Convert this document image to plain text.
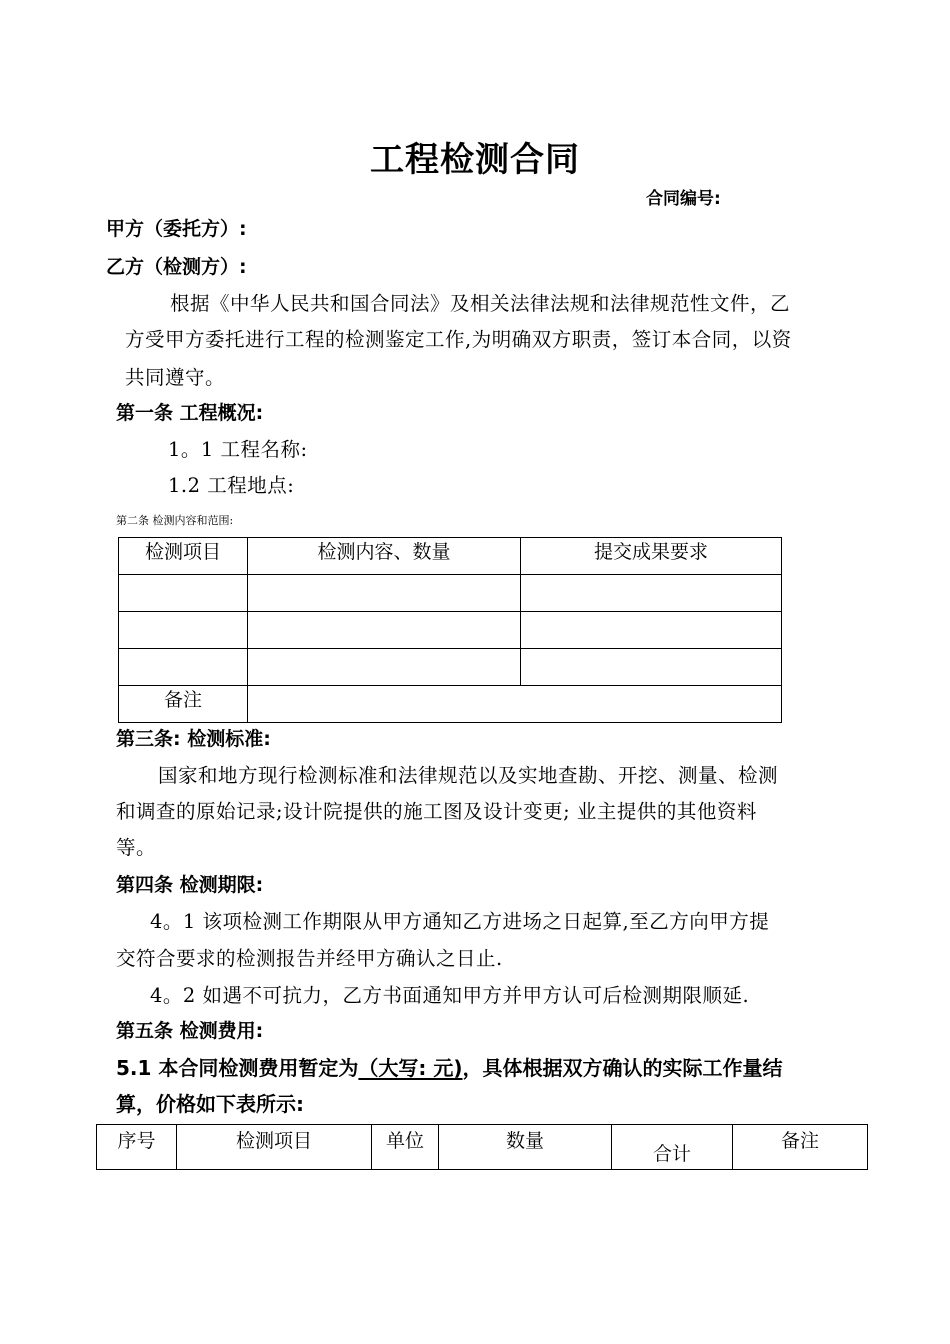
工程检测合同
合同编号:
甲方（委托方）:
乙方（检测方）:
根据《中华人民共和国合同法》及相关法律法规和法律规范性文件，乙
方受甲方委托进行工程的检测鉴定工作,为明确双方职责，签订本合同，以资
共同遵守。
第一条 工程概况:
1。1 工程名称:
1.2 工程地点:
第二条 检测内容和范围:
检测项目	检测内容、数量	提交成果要求

备注		
第三条: 检测标准:
国家和地方现行检测标准和法律规范以及实地查勘、开挖、测量、检测
和调查的原始记录;设计院提供的施工图及设计变更; 业主提供的其他资料
等。
第四条 检测期限:
4。1 该项检测工作期限从甲方通知乙方进场之日起算,至乙方向甲方提
交符合要求的检测报告并经甲方确认之日止.
4。2 如遇不可抗力，乙方书面通知甲方并甲方认可后检测期限顺延.
第五条 检测费用:
5.1 本合同检测费用暂定为（大写: 元)，具体根据双方确认的实际工作量结
算，价格如下表所示:
序号	检测项目	单位	数量	合计	备注
